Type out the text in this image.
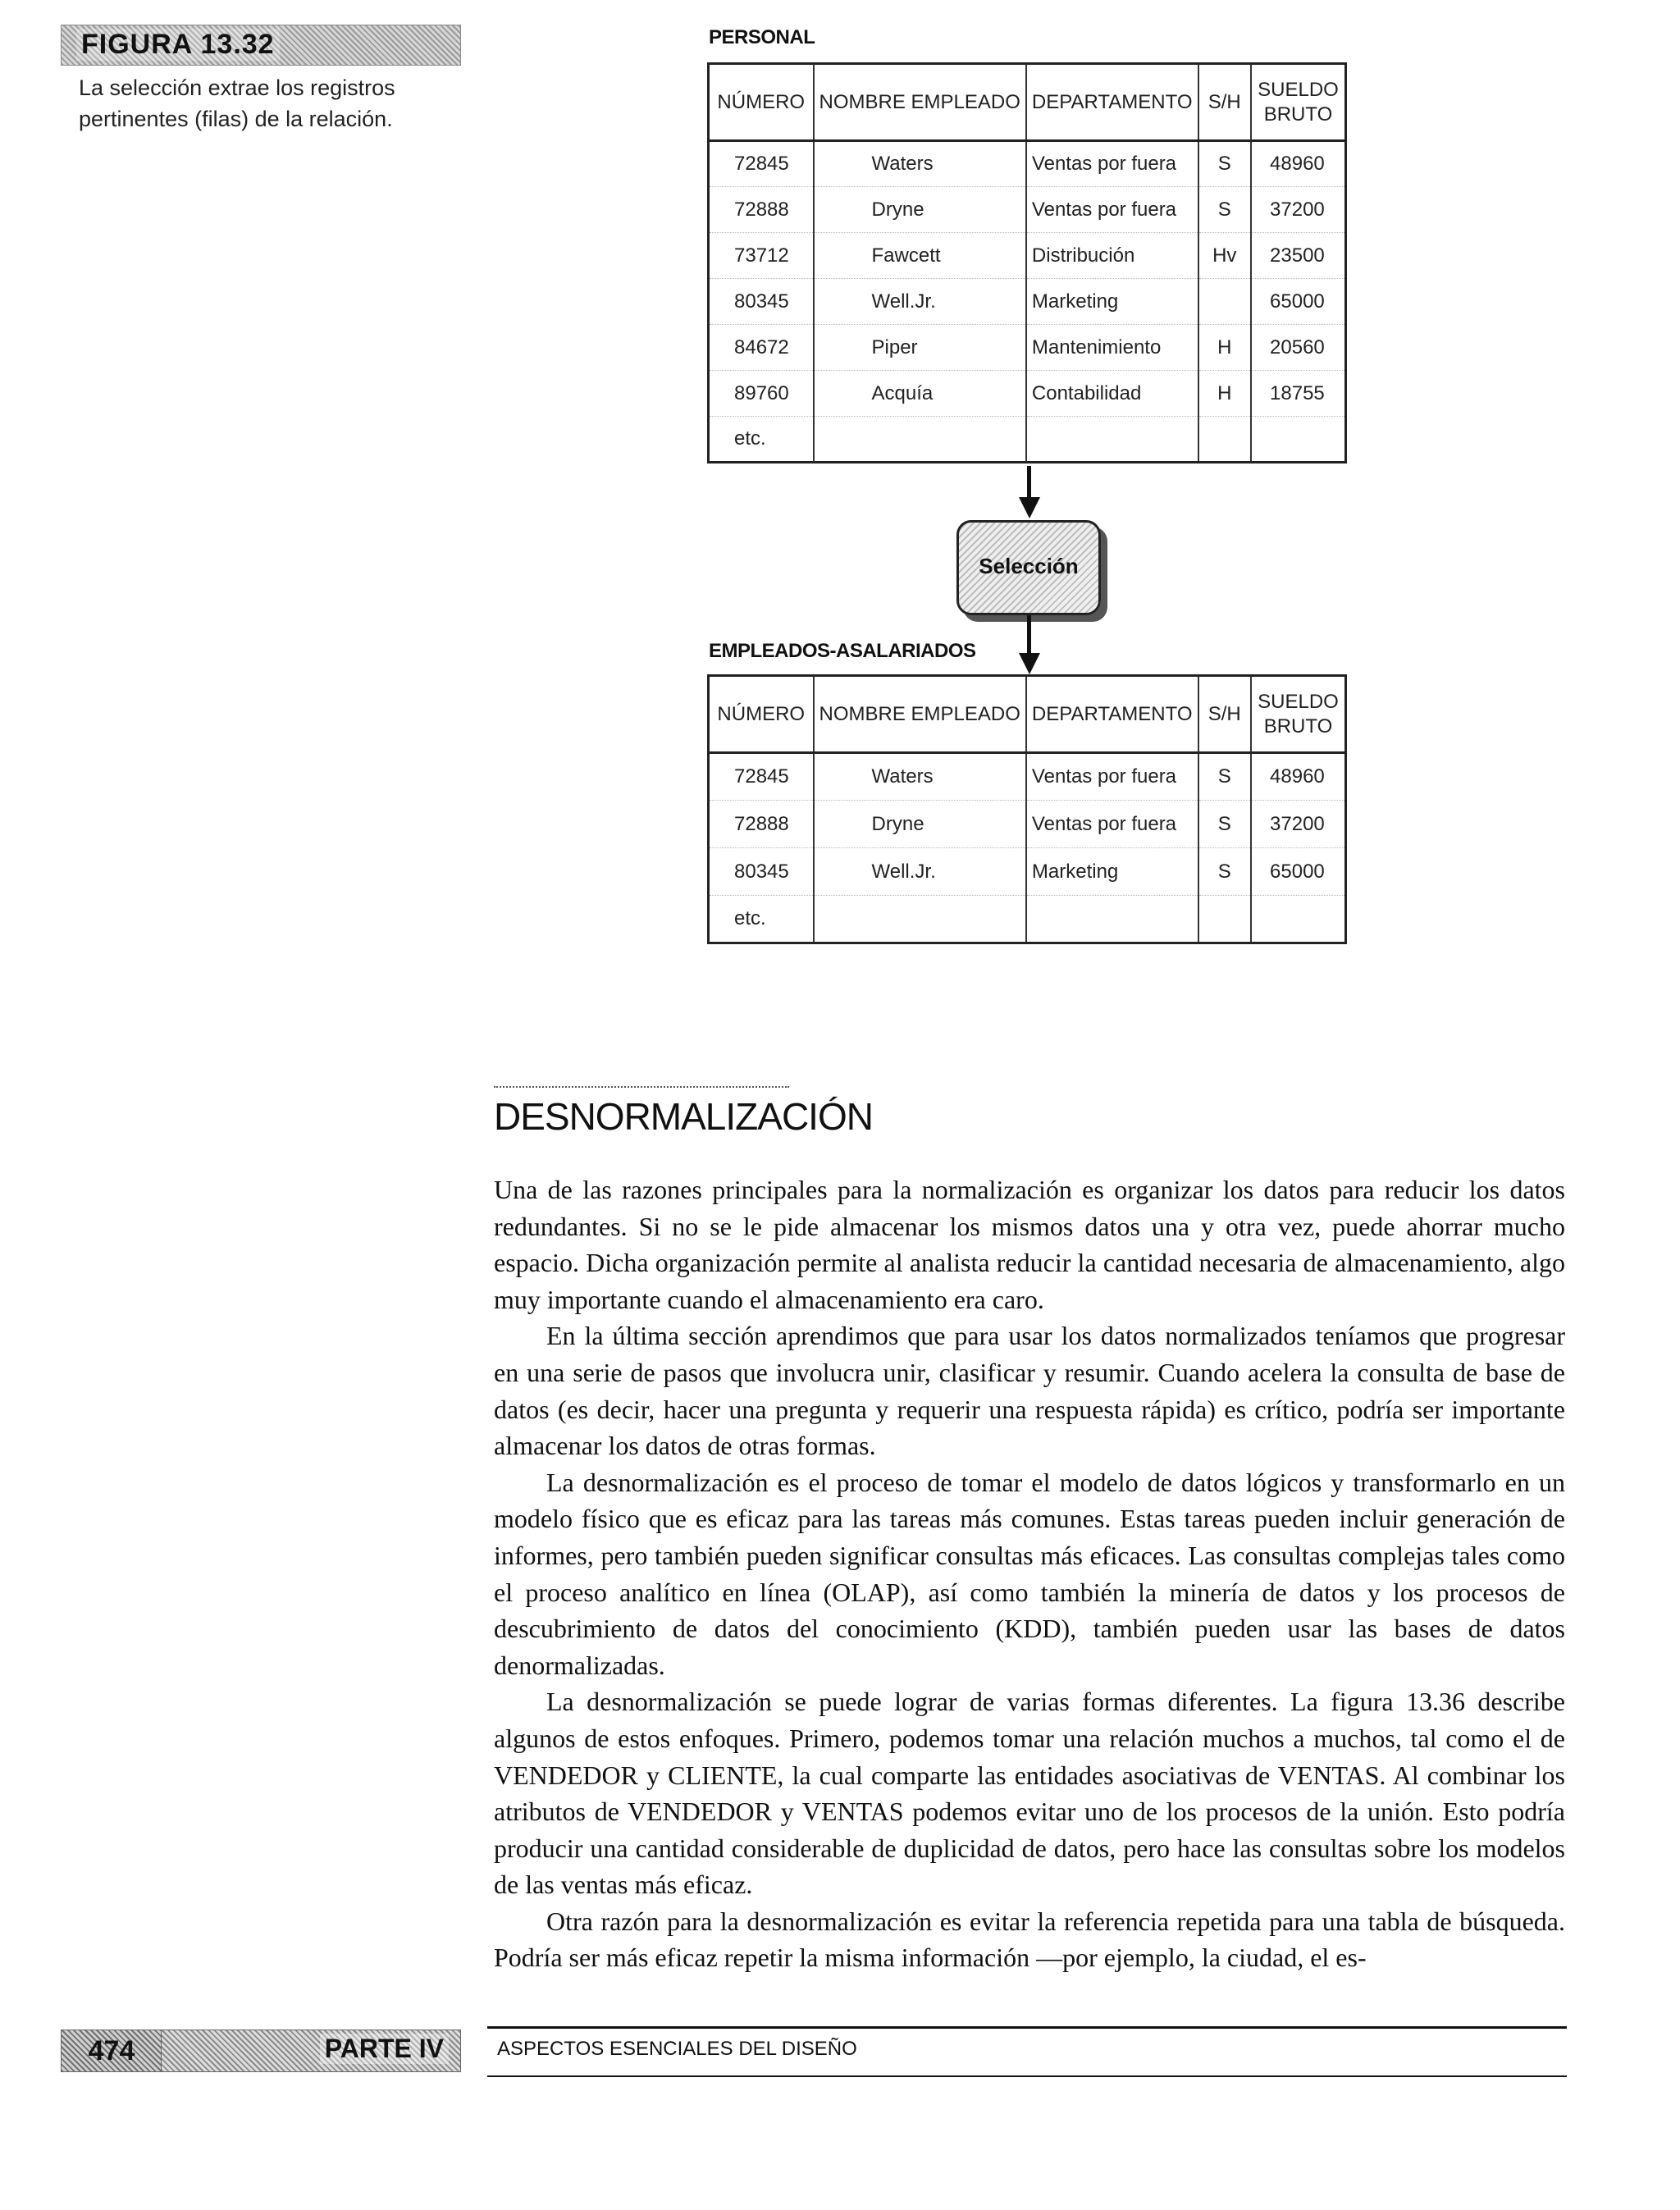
FIGURA 13.32
La selección extrae los registros
pertinentes (filas) de la relación.
PERSONAL
NÚMERO	NOMBRE EMPLEADO	DEPARTAMENTO	S/H	SUELDO
BRUTO
72845	Waters	Ventas por fuera	S	48960
72888	Dryne	Ventas por fuera	S	37200
73712	Fawcett	Distribución	Hv	23500
80345	Well.Jr.	Marketing		65000
84672	Piper	Mantenimiento	H	20560
89760	Acquía	Contabilidad	H	18755
etc.				
Selección
EMPLEADOS-ASALARIADOS
NÚMERO	NOMBRE EMPLEADO	DEPARTAMENTO	S/H	SUELDO
BRUTO
72845	Waters	Ventas por fuera	S	48960
72888	Dryne	Ventas por fuera	S	37200
80345	Well.Jr.	Marketing	S	65000
etc.				
DESNORMALIZACIÓN

Una de las razones principales para la normalización es organizar los datos para reducir los datos redundantes. Si no se le pide almacenar los mismos datos una y otra vez, puede ahorrar mucho espacio. Dicha organización permite al analista reducir la cantidad necesaria de almacenamiento, algo muy importante cuando el almacenamiento era caro.

En la última sección aprendimos que para usar los datos normalizados teníamos que progresar en una serie de pasos que involucra unir, clasificar y resumir. Cuando acelera la consulta de base de datos (es decir, hacer una pregunta y requerir una respuesta rápida) es crítico, podría ser importante almacenar los datos de otras formas.

La desnormalización es el proceso de tomar el modelo de datos lógicos y transformarlo en un modelo físico que es eficaz para las tareas más comunes. Estas tareas pueden incluir generación de informes, pero también pueden significar consultas más eficaces. Las consultas complejas tales como el proceso analítico en línea (OLAP), así como también la minería de datos y los procesos de descubrimiento de datos del conocimiento (KDD), también pueden usar las bases de datos denormalizadas.

La desnormalización se puede lograr de varias formas diferentes. La figura 13.36 describe algunos de estos enfoques. Primero, podemos tomar una relación muchos a muchos, tal como el de VENDEDOR y CLIENTE, la cual comparte las entidades asociativas de VENTAS. Al combinar los atributos de VENDEDOR y VENTAS podemos evitar uno de los procesos de la unión. Esto podría producir una cantidad considerable de duplicidad de datos, pero hace las consultas sobre los modelos de las ventas más eficaz.

Otra razón para la desnormalización es evitar la referencia repetida para una tabla de búsqueda. Podría ser más eficaz repetir la misma información —por ejemplo, la ciudad, el es-

474	PARTE IV	ASPECTOS ESENCIALES DEL DISEÑO
